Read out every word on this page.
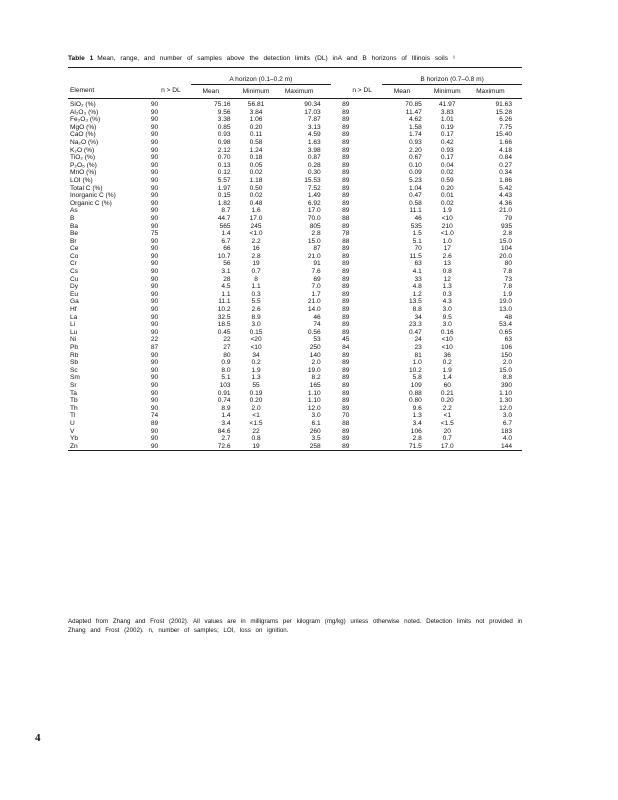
Table 1 Mean, range, and number of samples above the detection limits (DL) inA and B horizons of Illinois soils ¹

		A horizon (0.1–0.2 m)					B horizon (0.7–0.8 m)			
Element	n > DL	Mean	Minimum	Maximum		n > DL	Mean	Minimum	Maximum	
SiO₂ (%)	90	75.16	56.81	90.34		89	70.85	41.97	91.63	
Al₂O₃ (%)	90	9.56	3.84	17.03		89	11.47	3.83	15.28	
Fe₂O₃ (%)	90	3.38	1.06	7.87		89	4.62	1.01	6.26	
MgO (%)	90	0.85	0.20	3.13		89	1.58	0.19	7.75	
CaO (%)	90	0.93	0.11	4.59		89	1.74	0.17	15.40	
Na₂O (%)	90	0.98	0.58	1.63		89	0.93	0.42	1.66	
K₂O (%)	90	2.12	1.24	3.98		89	2.20	0.93	4.18	
TiO₂ (%)	90	0.70	0.18	0.87		89	0.67	0.17	0.84	
P₂O₅ (%)	90	0.13	0.05	0.28		89	0.10	0.04	0.27	
MnO (%)	90	0.12	0.02	0.30		89	0.09	0.02	0.34	
LOI (%)	90	5.57	1.18	15.53		89	5.23	0.59	1.86	
Total C (%)	90	1.97	0.50	7.52		89	1.04	0.20	5.42	
Inorganic C (%)	90	0.15	0.02	1.49		89	0.47	0.01	4.43	
Organic C (%)	90	1.82	0.48	6.92		89	0.58	0.02	4.36	
As	90	8.7	1.6	17.0		89	11.1	1.9	21.0	
B	90	44.7	17.0	70.0		88	46	<10	79	
Ba	90	565	245	805		89	535	210	935	
Be	75	1.4	<1.0	2.8		78	1.5	<1.0	2.8	
Br	90	6.7	2.2	15.0		88	5.1	1.0	15.0	
Ce	90	66	16	87		89	70	17	104	
Co	90	10.7	2.8	21.0		89	11.5	2.6	20.0	
Cr	90	56	19	91		89	63	13	80	
Cs	90	3.1	0.7	7.6		89	4.1	0.8	7.8	
Cu	90	28	8	69		89	33	12	73	
Dy	90	4.5	1.1	7.0		89	4.8	1.3	7.8	
Eu	90	1.1	0.3	1.7		89	1.2	0.3	1.9	
Ga	90	11.1	5.5	21.0		89	13.5	4.3	19.0	
Hf	90	10.2	2.6	14.0		89	8.8	3.0	13.0	
La	90	32.5	8.9	46		89	34	9.5	48	
Li	90	18.5	3.0	74		89	23.3	3.0	53.4	
Lu	90	0.45	0.15	0.56		89	0.47	0.16	0.65	
Ni	22	22	<20	53		45	24	<10	63	
Pb	87	27	<10	250		84	23	<10	106	
Rb	90	80	34	140		89	81	36	150	
Sb	90	0.9	0.2	2.0		89	1.0	0.2	2.0	
Sc	90	8.0	1.9	19.0		89	10.2	1.9	15.0	
Sm	90	5.1	1.3	8.2		89	5.8	1.4	8.8	
Sr	90	103	55	165		89	109	60	390	
Ta	90	0.91	0.19	1.10		89	0.88	0.21	1.10	
Tb	90	0.74	0.20	1.10		89	0.80	0.20	1.30	
Th	90	8.9	2.0	12.0		89	9.6	2.2	12.0	
Tl	74	1.4	<1	3.0		70	1.3	<1	3.0	
U	89	3.4	<1.5	6.1		88	3.4	<1.5	6.7	
V	90	84.6	22	260		89	106	20	183	
Yb	90	2.7	0.8	3.5		89	2.8	0.7	4.0	
Zn	90	72.6	19	258		89	71.5	17.0	144	

Adapted from Zhang and Frost (2002). All values are in milligrams per kilogram (mg/kg) unless otherwise noted. Detection limits not provided in Zhang and Frost (2002). n, number of samples; LOI, loss on ignition.
4
